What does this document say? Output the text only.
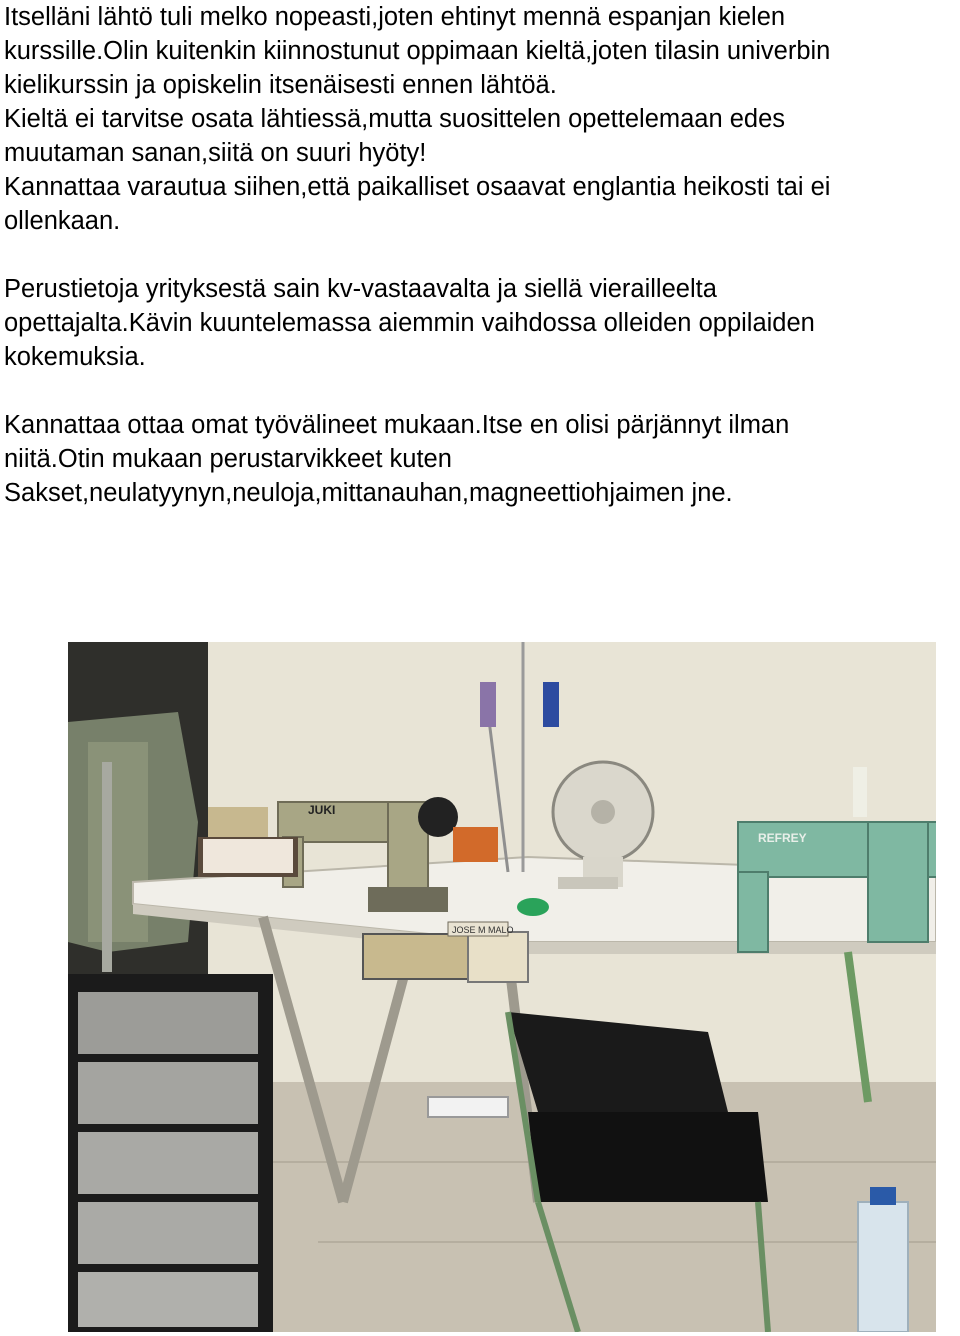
Itselläni lähtö tuli melko nopeasti,joten ehtinyt mennä espanjan kielen
kurssille.Olin kuitenkin kiinnostunut oppimaan kieltä,joten tilasin univerbin
kielikurssin ja opiskelin itsenäisesti ennen lähtöä.
Kieltä ei tarvitse osata lähtiessä,mutta suosittelen opettelemaan edes
muutaman sanan,siitä on suuri hyöty!
Kannattaa varautua siihen,että paikalliset osaavat englantia heikosti tai ei
ollenkaan.
Perustietoja yrityksestä sain kv-vastaavalta ja siellä vierailleelta
opettajalta.Kävin kuuntelemassa aiemmin vaihdossa olleiden oppilaiden
kokemuksia.
Kannattaa ottaa omat työvälineet mukaan.Itse en olisi pärjännyt ilman
niitä.Otin mukaan perustarvikkeet kuten
Sakset,neulatyynyn,neuloja,mittanauhan,magneettiohjaimen jne.
JUKI
REFREY
JOSE M MALO
